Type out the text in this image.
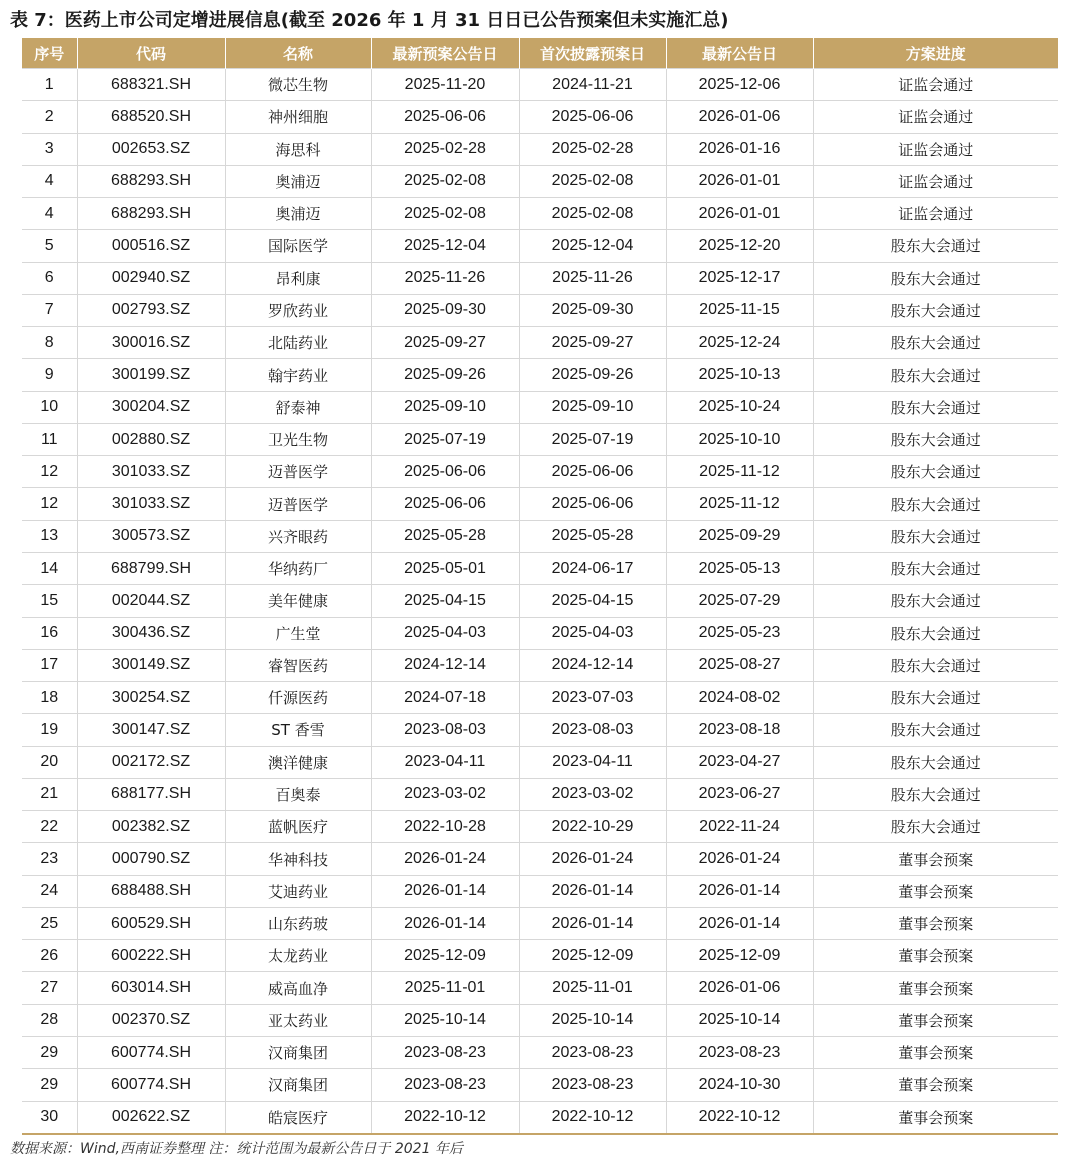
表 7：医药上市公司定增进展信息(截至 2026 年 1 月 31 日日已公告预案但未实施汇总)
序号	代码	名称	最新预案公告日	首次披露预案日	最新公告日	方案进度
1	688321.SH	微芯生物	2025-11-20	2024-11-21	2025-12-06	证监会通过
2	688520.SH	神州细胞	2025-06-06	2025-06-06	2026-01-06	证监会通过
3	002653.SZ	海思科	2025-02-28	2025-02-28	2026-01-16	证监会通过
4	688293.SH	奥浦迈	2025-02-08	2025-02-08	2026-01-01	证监会通过
4	688293.SH	奥浦迈	2025-02-08	2025-02-08	2026-01-01	证监会通过
5	000516.SZ	国际医学	2025-12-04	2025-12-04	2025-12-20	股东大会通过
6	002940.SZ	昂利康	2025-11-26	2025-11-26	2025-12-17	股东大会通过
7	002793.SZ	罗欣药业	2025-09-30	2025-09-30	2025-11-15	股东大会通过
8	300016.SZ	北陆药业	2025-09-27	2025-09-27	2025-12-24	股东大会通过
9	300199.SZ	翰宇药业	2025-09-26	2025-09-26	2025-10-13	股东大会通过
10	300204.SZ	舒泰神	2025-09-10	2025-09-10	2025-10-24	股东大会通过
11	002880.SZ	卫光生物	2025-07-19	2025-07-19	2025-10-10	股东大会通过
12	301033.SZ	迈普医学	2025-06-06	2025-06-06	2025-11-12	股东大会通过
12	301033.SZ	迈普医学	2025-06-06	2025-06-06	2025-11-12	股东大会通过
13	300573.SZ	兴齐眼药	2025-05-28	2025-05-28	2025-09-29	股东大会通过
14	688799.SH	华纳药厂	2025-05-01	2024-06-17	2025-05-13	股东大会通过
15	002044.SZ	美年健康	2025-04-15	2025-04-15	2025-07-29	股东大会通过
16	300436.SZ	广生堂	2025-04-03	2025-04-03	2025-05-23	股东大会通过
17	300149.SZ	睿智医药	2024-12-14	2024-12-14	2025-08-27	股东大会通过
18	300254.SZ	仟源医药	2024-07-18	2023-07-03	2024-08-02	股东大会通过
19	300147.SZ	ST 香雪	2023-08-03	2023-08-03	2023-08-18	股东大会通过
20	002172.SZ	澳洋健康	2023-04-11	2023-04-11	2023-04-27	股东大会通过
21	688177.SH	百奥泰	2023-03-02	2023-03-02	2023-06-27	股东大会通过
22	002382.SZ	蓝帆医疗	2022-10-28	2022-10-29	2022-11-24	股东大会通过
23	000790.SZ	华神科技	2026-01-24	2026-01-24	2026-01-24	董事会预案
24	688488.SH	艾迪药业	2026-01-14	2026-01-14	2026-01-14	董事会预案
25	600529.SH	山东药玻	2026-01-14	2026-01-14	2026-01-14	董事会预案
26	600222.SH	太龙药业	2025-12-09	2025-12-09	2025-12-09	董事会预案
27	603014.SH	威高血净	2025-11-01	2025-11-01	2026-01-06	董事会预案
28	002370.SZ	亚太药业	2025-10-14	2025-10-14	2025-10-14	董事会预案
29	600774.SH	汉商集团	2023-08-23	2023-08-23	2023-08-23	董事会预案
29	600774.SH	汉商集团	2023-08-23	2023-08-23	2024-10-30	董事会预案
30	002622.SZ	皓宸医疗	2022-10-12	2022-10-12	2022-10-12	董事会预案
数据来源：Wind,西南证券整理 注：统计范围为最新公告日于 2021 年后
